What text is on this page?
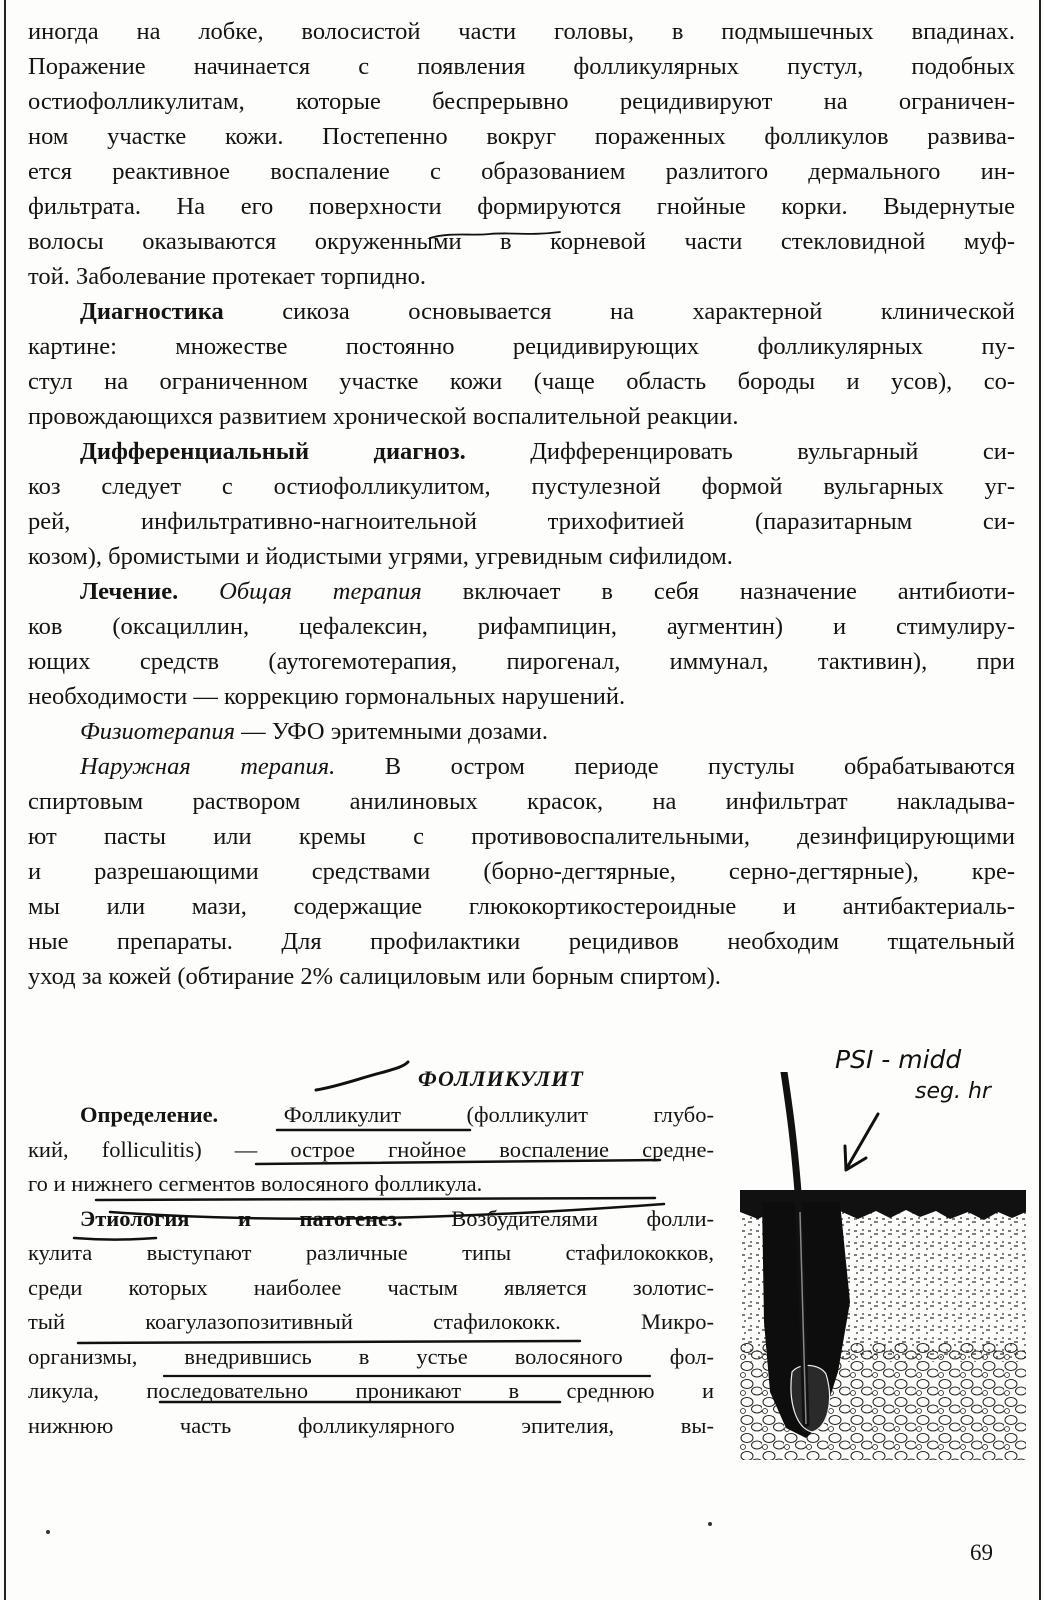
иногда на лобке, волосистой части головы, в подмышечных впадинах.
Поражение начинается с появления фолликулярных пустул, подобных
остиофолликулитам, которые беспрерывно рецидивируют на ограничен-
ном участке кожи. Постепенно вокруг пораженных фолликулов развива-
ется реактивное воспаление с образованием разлитого дермального ин-
фильтрата. На его поверхности формируются гнойные корки. Выдернутые
волосы оказываются окруженными в корневой части стекловидной муф-
той. Заболевание протекает торпидно.
Диагностика сикоза основывается на характерной клинической
картине: множестве постоянно рецидивирующих фолликулярных пу-
стул на ограниченном участке кожи (чаще область бороды и усов), со-
провождающихся развитием хронической воспалительной реакции.
Дифференциальный диагноз. Дифференцировать вульгарный си-
коз следует с остиофолликулитом, пустулезной формой вульгарных уг-
рей, инфильтративно-нагноительной трихофитией (паразитарным си-
козом), бромистыми и йодистыми угрями, угревидным сифилидом.
Лечение. Общая терапия включает в себя назначение антибиоти-
ков (оксациллин, цефалексин, рифампицин, аугментин) и стимулиру-
ющих средств (аутогемотерапия, пирогенал, иммунал, тактивин), при
необходимости — коррекцию гормональных нарушений.
Физиотерапия — УФО эритемными дозами.
Наружная терапия. В остром периоде пустулы обрабатываются
спиртовым раствором анилиновых красок, на инфильтрат накладыва-
ют пасты или кремы с противовоспалительными, дезинфицирующими
и разрешающими средствами (борно-дегтярные, серно-дегтярные), кре-
мы или мази, содержащие глюкокортикостероидные и антибактериаль-
ные препараты. Для профилактики рецидивов необходим тщательный
уход за кожей (обтирание 2% салициловым или борным спиртом).
ФОЛЛИКУЛИТ
Определение. Фолликулит (фолликулит глубо-
кий, folliculitis) — острое гнойное воспаление средне-
го и нижнего сегментов волосяного фолликула.
Этиология и патогенез. Возбудителями фолли-
кулита выступают различные типы стафилококков,
среди которых наиболее частым является золотис-
тый коагулазопозитивный стафилококк. Микро-
организмы, внедрившись в устье волосяного фол-
ликула, последовательно проникают в среднюю и
нижнюю часть фолликулярного эпителия, вы-
PSI - midd
seg. hr
69
